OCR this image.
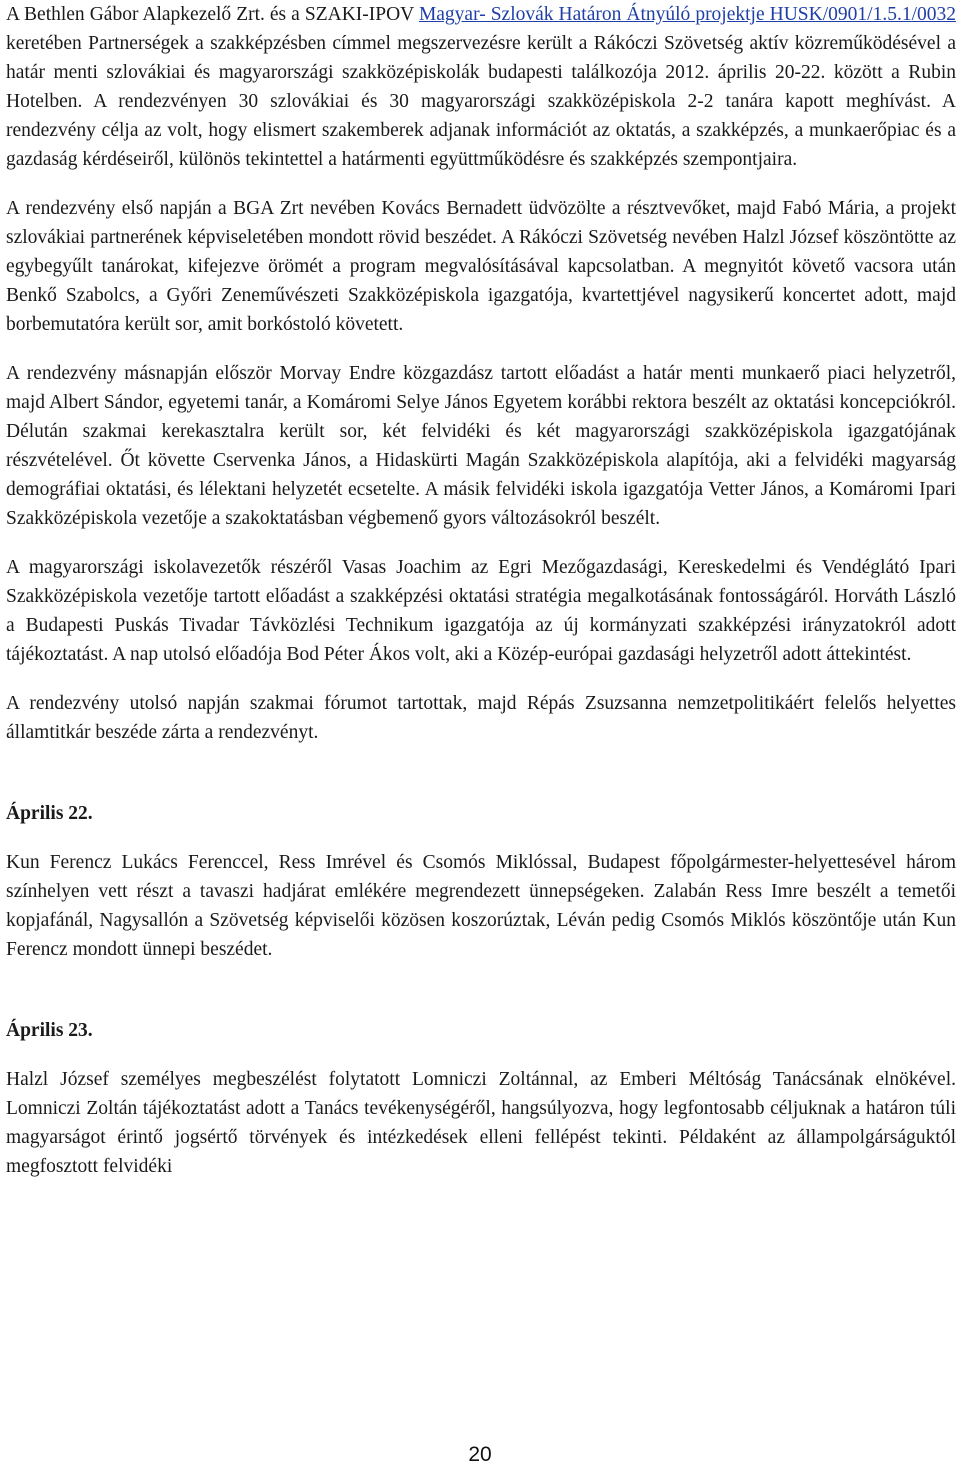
A Bethlen Gábor Alapkezelő Zrt. és a SZAKI-IPOV Magyar- Szlovák Határon Átnyúló projektje HUSK/0901/1.5.1/0032 keretében Partnerségek a szakképzésben címmel megszervezésre került a Rákóczi Szövetség aktív közreműködésével a határ menti szlovákiai és magyarországi szakközépiskolák budapesti találkozója 2012. április 20-22. között a Rubin Hotelben. A rendezvényen 30 szlovákiai és 30 magyarországi szakközépiskola 2-2 tanára kapott meghívást. A rendezvény célja az volt, hogy elismert szakemberek adjanak információt az oktatás, a szakképzés, a munkaerőpiac és a gazdaság kérdéseiről, különös tekintettel a határmenti együttműködésre és szakképzés szempontjaira.

A rendezvény első napján a BGA Zrt nevében Kovács Bernadett üdvözölte a résztvevőket, majd Fabó Mária, a projekt szlovákiai partnerének képviseletében mondott rövid beszédet. A Rákóczi Szövetség nevében Halzl József köszöntötte az egybegyűlt tanárokat, kifejezve örömét a program megvalósításával kapcsolatban. A megnyitót követő vacsora után Benkő Szabolcs, a Győri Zeneművészeti Szakközépiskola igazgatója, kvartettjével nagysikerű koncertet adott, majd borbemutatóra került sor, amit borkóstoló követett.

A rendezvény másnapján először Morvay Endre közgazdász tartott előadást a határ menti munkaerő piaci helyzetről, majd Albert Sándor, egyetemi tanár, a Komáromi Selye János Egyetem korábbi rektora beszélt az oktatási koncepciókról. Délután szakmai kerekasztalra került sor, két felvidéki és két magyarországi szakközépiskola igazgatójának részvételével. Őt követte Cservenka János, a Hidaskürti Magán Szakközépiskola alapítója, aki a felvidéki magyarság demográfiai oktatási, és lélektani helyzetét ecsetelte. A másik felvidéki iskola igazgatója Vetter János, a Komáromi Ipari Szakközépiskola vezetője a szakoktatásban végbemenő gyors változásokról beszélt.

A magyarországi iskolavezetők részéről Vasas Joachim az Egri Mezőgazdasági, Kereskedelmi és Vendéglátó Ipari Szakközépiskola vezetője tartott előadást a szakképzési oktatási stratégia megalkotásának fontosságáról. Horváth László a Budapesti Puskás Tivadar Távközlési Technikum igazgatója az új kormányzati szakképzési irányzatokról adott tájékoztatást. A nap utolsó előadója Bod Péter Ákos volt, aki a Közép-európai gazdasági helyzetről adott áttekintést.

A rendezvény utolsó napján szakmai fórumot tartottak, majd Répás Zsuzsanna nemzetpolitikáért felelős helyettes államtitkár beszéde zárta a rendezvényt.

Április 22.

Kun Ferencz Lukács Ferenccel, Ress Imrével és Csomós Miklóssal, Budapest főpolgármester-helyettesével három színhelyen vett részt a tavaszi hadjárat emlékére megrendezett ünnepségeken. Zalabán Ress Imre beszélt a temetői kopjafánál, Nagysallón a Szövetség képviselői közösen koszorúztak, Léván pedig Csomós Miklós köszöntője után Kun Ferencz mondott ünnepi beszédet.

Április 23.

Halzl József személyes megbeszélést folytatott Lomniczi Zoltánnal, az Emberi Méltóság Tanácsának elnökével. Lomniczi Zoltán tájékoztatást adott a Tanács tevékenységéről, hangsúlyozva, hogy legfontosabb céljuknak a határon túli magyarságot érintő jogsértő törvények és intézkedések elleni fellépést tekinti. Példaként az állampolgárságuktól megfosztott felvidéki

20
